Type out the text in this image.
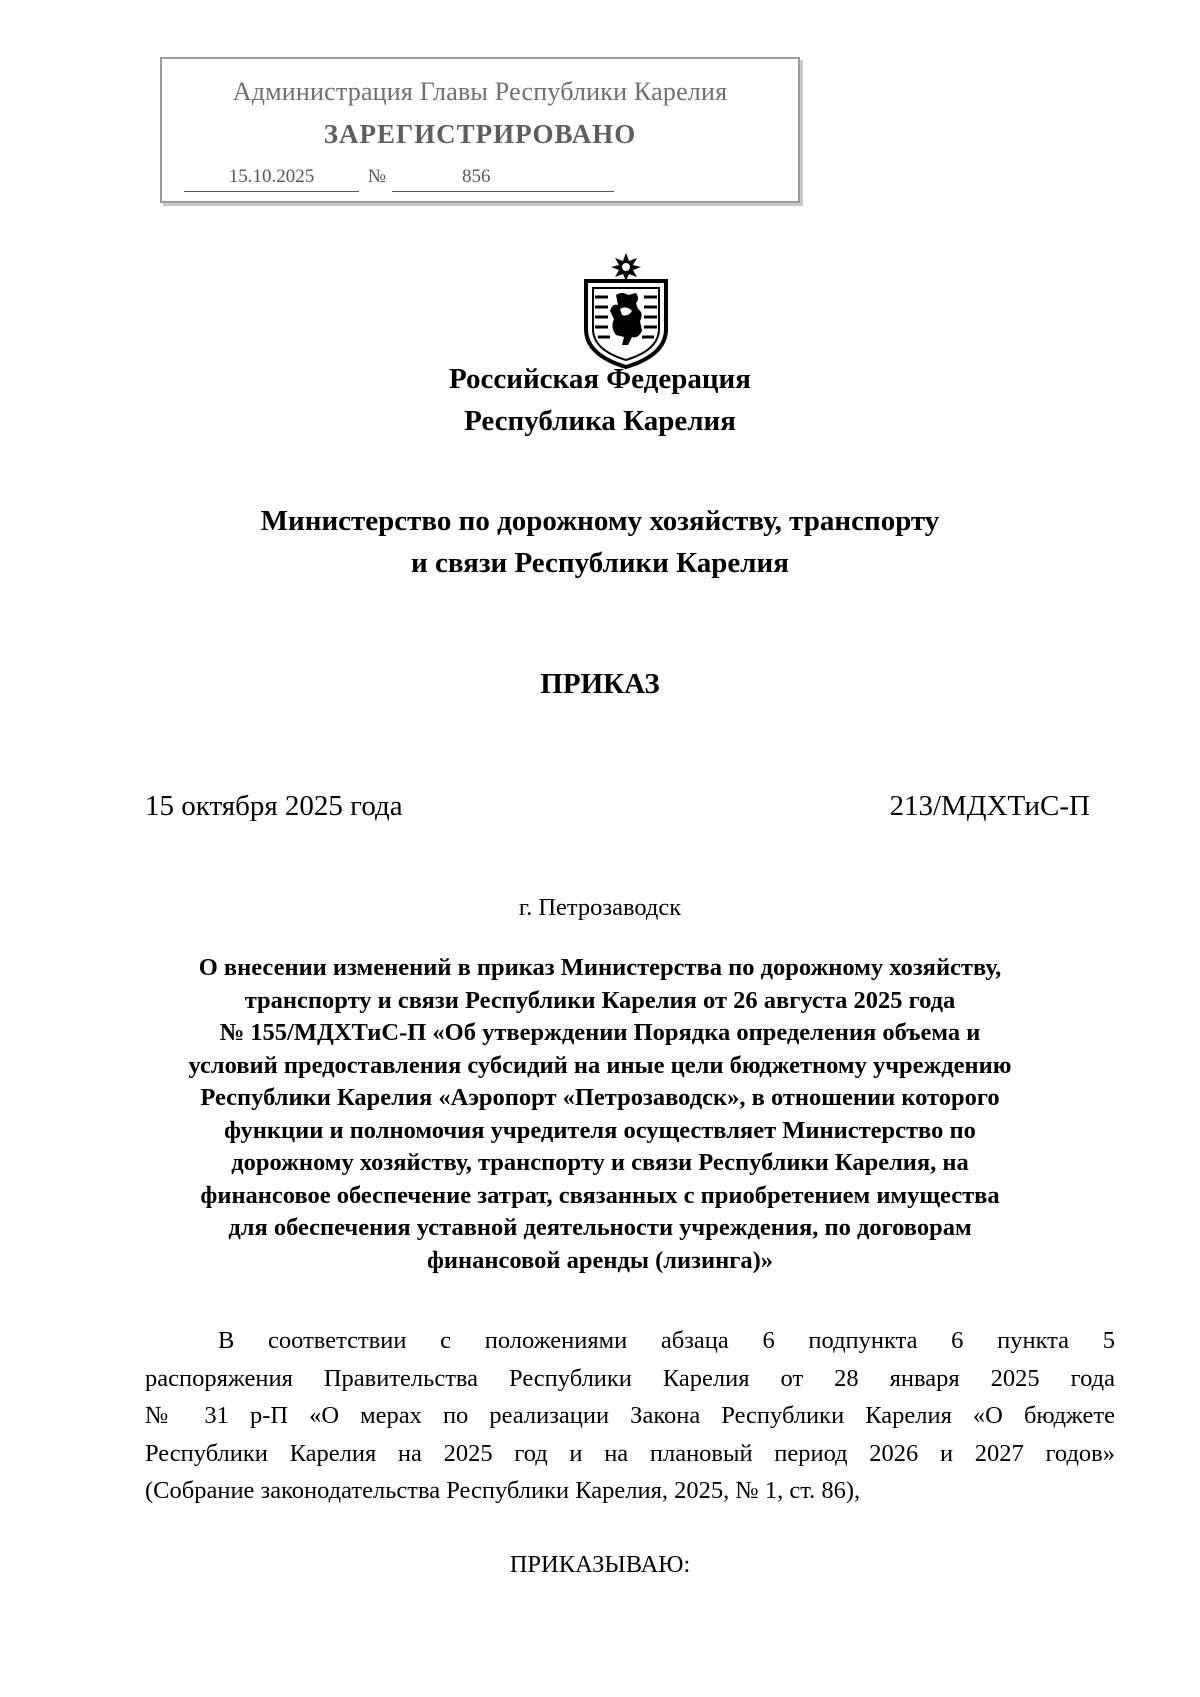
Администрация Главы Республики Карелия
ЗАРЕГИСТРИРОВАНО
15.10.2025	№	856
Российская Федерация
Республика Карелия
Министерство по дорожному хозяйству, транспорту
и связи Республики Карелия
ПРИКАЗ
15 октября 2025 года	213/МДХТиС-П
г. Петрозаводск
О внесении изменений в приказ Министерства по дорожному хозяйству,
транспорту и связи Республики Карелия от 26 августа 2025 года
№ 155/МДХТиС-П «Об утверждении Порядка определения объема и
условий предоставления субсидий на иные цели бюджетному учреждению
Республики Карелия «Аэропорт «Петрозаводск», в отношении которого
функции и полномочия учредителя осуществляет Министерство по
дорожному хозяйству, транспорту и связи Республики Карелия, на
финансовое обеспечение затрат, связанных с приобретением имущества
для обеспечения уставной деятельности учреждения, по договорам
финансовой аренды (лизинга)»
В соответствии с положениями абзаца 6 подпункта 6 пункта 5
распоряжения Правительства Республики Карелия от 28 января 2025 года
№ 31 р-П «О мерах по реализации Закона Республики Карелия «О бюджете
Республики Карелия на 2025 год и на плановый период 2026 и 2027 годов»
(Собрание законодательства Республики Карелия, 2025, № 1, ст. 86),
ПРИКАЗЫВАЮ:
